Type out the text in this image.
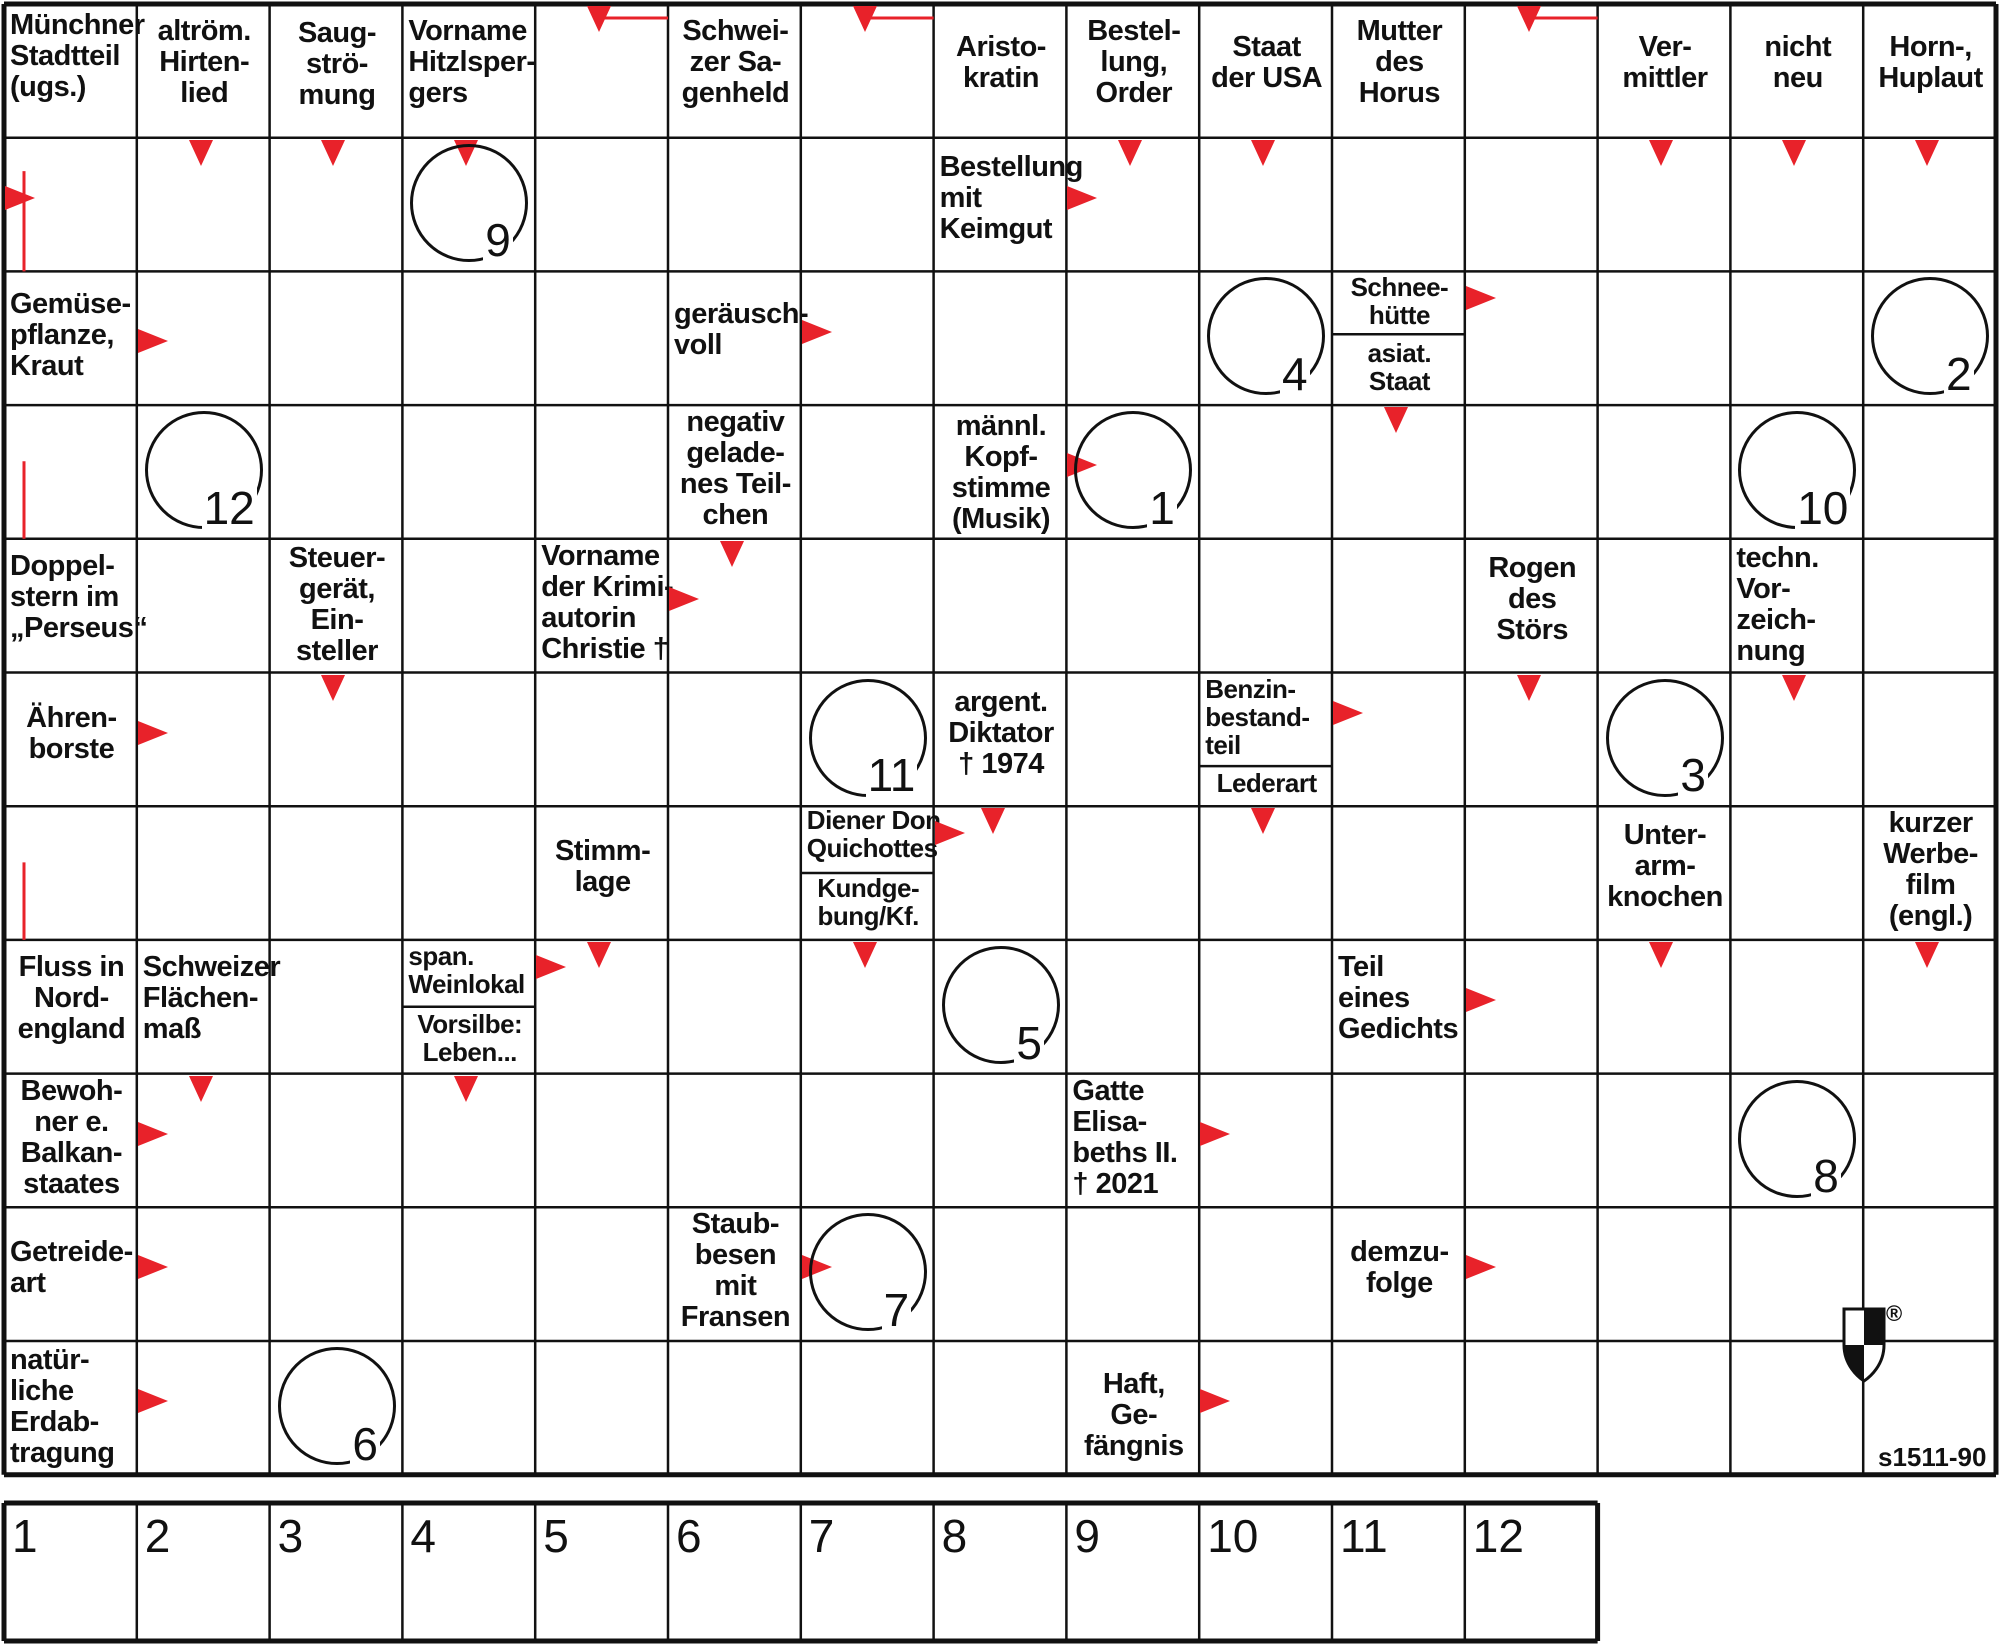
Münchner
Stadtteil
(ugs.)
altröm.
Hirten-
lied
Saug-
strö-
mung
Vorname
Hitzlsper-
gers
Schwei-
zer Sa-
genheld
Aristo-
kratin
Bestel-
lung,
Order
Staat
der USA
Mutter
des
Horus
Ver-
mittler
nicht
neu
Horn-,
Huplaut
Bestellung
mit
Keimgut
Gemüse-
pflanze,
Kraut
geräusch-
voll
Schnee-
hütte
asiat.
Staat
negativ
gelade-
nes Teil-
chen
männl.
Kopf-
stimme
(Musik)
Doppel-
stern im
„Perseus“
Steuer-
gerät,
Ein-
steller
Vorname
der Krimi-
autorin
Christie †
Rogen
des
Störs
techn.
Vor-
zeich-
nung
Ähren-
borste
argent.
Diktator
† 1974
Benzin-
bestand-
teil
Lederart
Stimm-
lage
Diener Don
Quichottes
Kundge-
bung/Kf.
Unter-
arm-
knochen
kurzer
Werbe-
film
(engl.)
Fluss in
Nord-
england
Schweizer
Flächen-
maß
span.
Weinlokal
Vorsilbe:
Leben...
Teil
eines
Gedichts
Bewoh-
ner e.
Balkan-
staates
Gatte
Elisa-
beths II.
† 2021
Getreide-
art
Staub-
besen
mit
Fransen
demzu-
folge
natür-
liche
Erdab-
tragung
Haft,
Ge-
fängnis
9
4	2
12	1	10
11	3
5
8
7
6
1 2 3 4 5 6 7 8 9 10 11 12
s1511-90
®
